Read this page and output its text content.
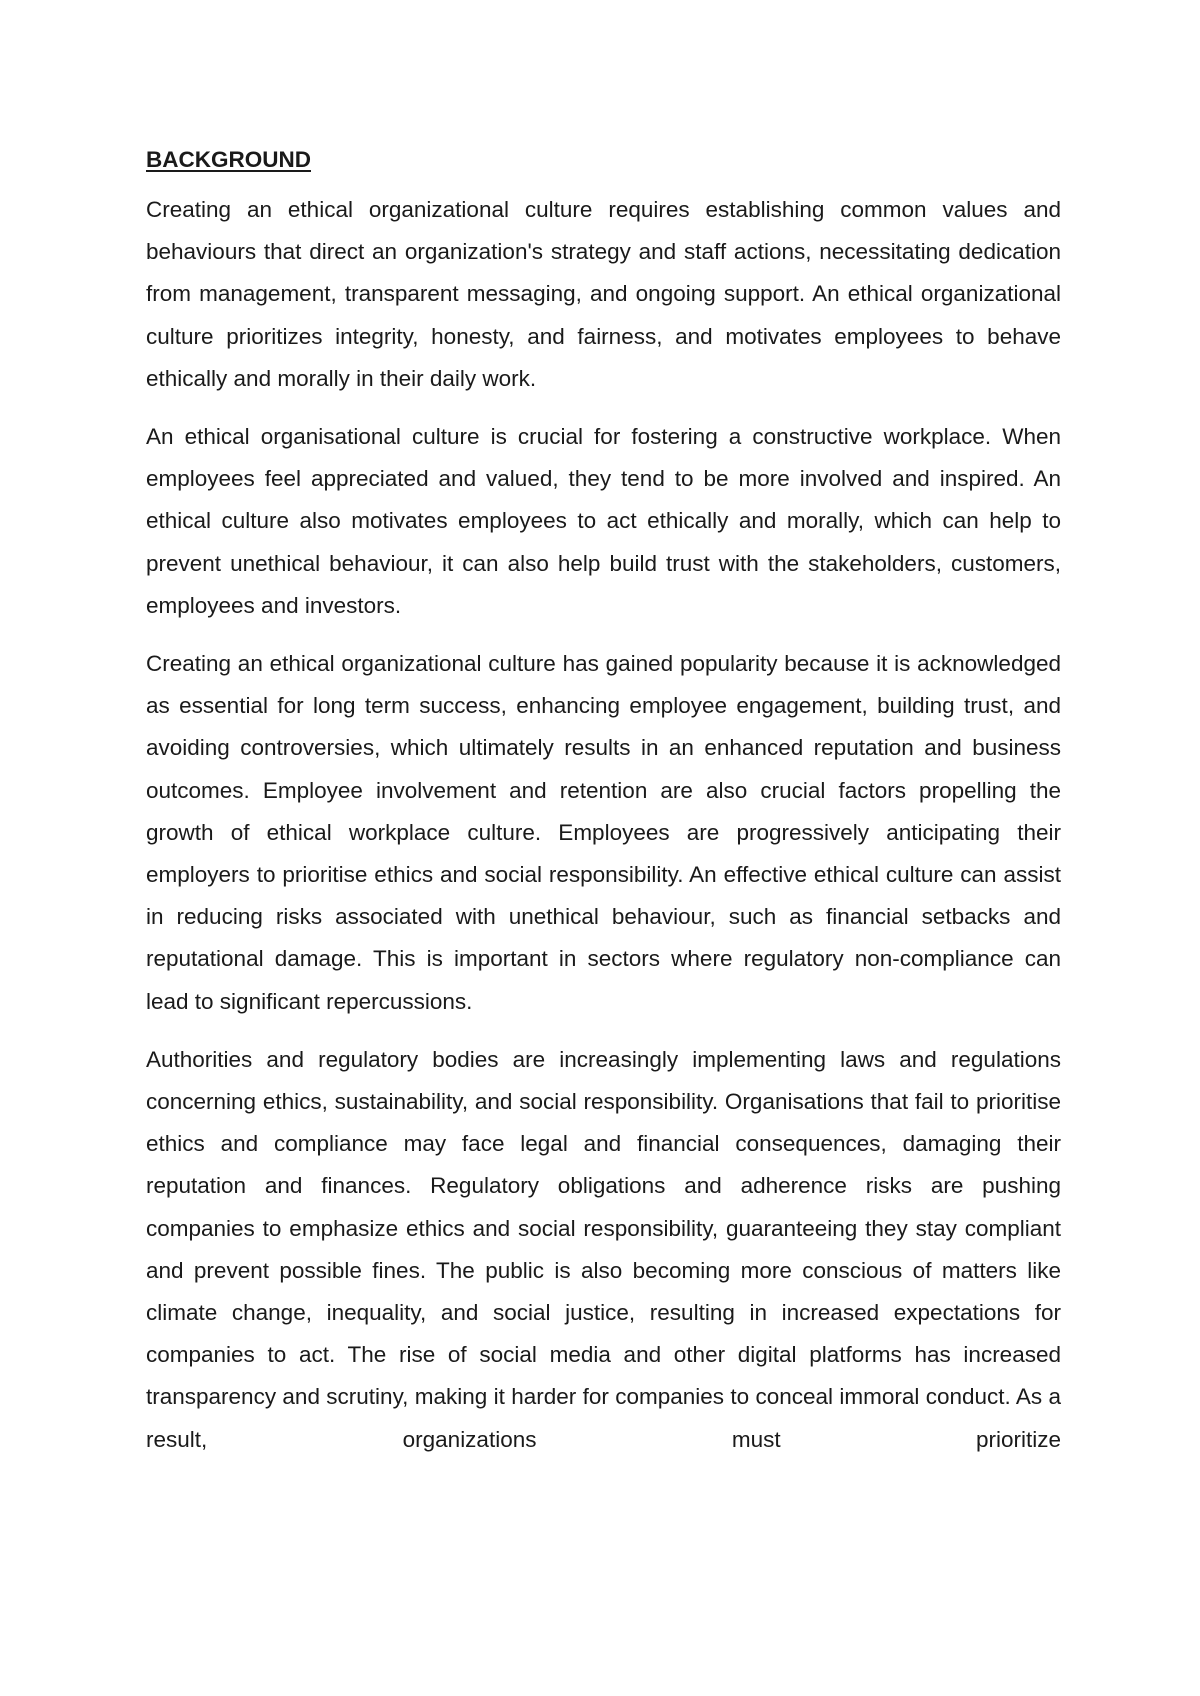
BACKGROUND

Creating an ethical organizational culture requires establishing common values and behaviours that direct an organization's strategy and staff actions, necessitating dedication from management, transparent messaging, and ongoing support. An ethical organizational culture prioritizes integrity, honesty, and fairness, and motivates employees to behave ethically and morally in their daily work.

An ethical organisational culture is crucial for fostering a constructive workplace. When employees feel appreciated and valued, they tend to be more involved and inspired. An ethical culture also motivates employees to act ethically and morally, which can help to prevent unethical behaviour, it can also help build trust with the stakeholders, customers, employees and investors.

Creating an ethical organizational culture has gained popularity because it is acknowledged as essential for long term success, enhancing employee engagement, building trust, and avoiding controversies, which ultimately results in an enhanced reputation and business outcomes. Employee involvement and retention are also crucial factors propelling the growth of ethical workplace culture. Employees are progressively anticipating their employers to prioritise ethics and social responsibility. An effective ethical culture can assist in reducing risks associated with unethical behaviour, such as financial setbacks and reputational damage. This is important in sectors where regulatory non-compliance can lead to significant repercussions.

Authorities and regulatory bodies are increasingly implementing laws and regulations concerning ethics, sustainability, and social responsibility. Organisations that fail to prioritise ethics and compliance may face legal and financial consequences, damaging their reputation and finances. Regulatory obligations and adherence risks are pushing companies to emphasize ethics and social responsibility, guaranteeing they stay compliant and prevent possible fines. The public is also becoming more conscious of matters like climate change, inequality, and social justice, resulting in increased expectations for companies to act. The rise of social media and other digital platforms has increased transparency and scrutiny, making it harder for companies to conceal immoral conduct. As a result, organizations must prioritize
